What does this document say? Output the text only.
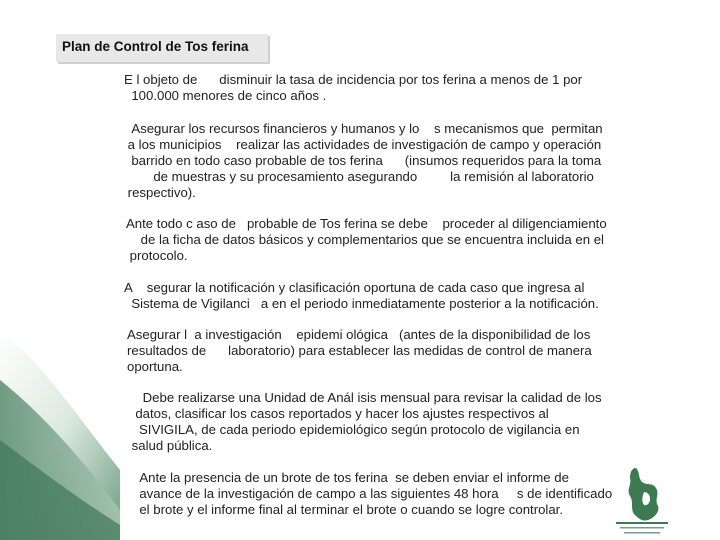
Plan de Control de Tos ferina
E l objeto de      disminuir la tasa de incidencia por tos ferina a menos de 1 por
100.000 menores de cinco años .
Asegurar los recursos financieros y humanos y lo    s mecanismos que  permitan
a los municipios    realizar las actividades de investigación de campo y operación
barrido en todo caso probable de tos ferina      (insumos requeridos para la toma
de muestras y su procesamiento asegurando         la remisión al laboratorio
respectivo).
Ante todo c aso de   probable de Tos ferina se debe    proceder al diligenciamiento
de la ficha de datos básicos y complementarios que se encuentra incluida en el
protocolo.
A    segurar la notificación y clasificación oportuna de cada caso que ingresa al
Sistema de Vigilanci   a en el periodo inmediatamente posterior a la notificación.
Asegurar l  a investigación    epidemi ológica   (antes de la disponibilidad de los
resultados de      laboratorio) para establecer las medidas de control de manera
oportuna.
Debe realizarse una Unidad de Anál isis mensual para revisar la calidad de los
datos, clasificar los casos reportados y hacer los ajustes respectivos al
SIVIGILA, de cada periodo epidemiológico según protocolo de vigilancia en
salud pública.
Ante la presencia de un brote de tos ferina  se deben enviar el informe de
avance de la investigación de campo a las siguientes 48 hora     s de identificado
el brote y el informe final al terminar el brote o cuando se logre controlar.
